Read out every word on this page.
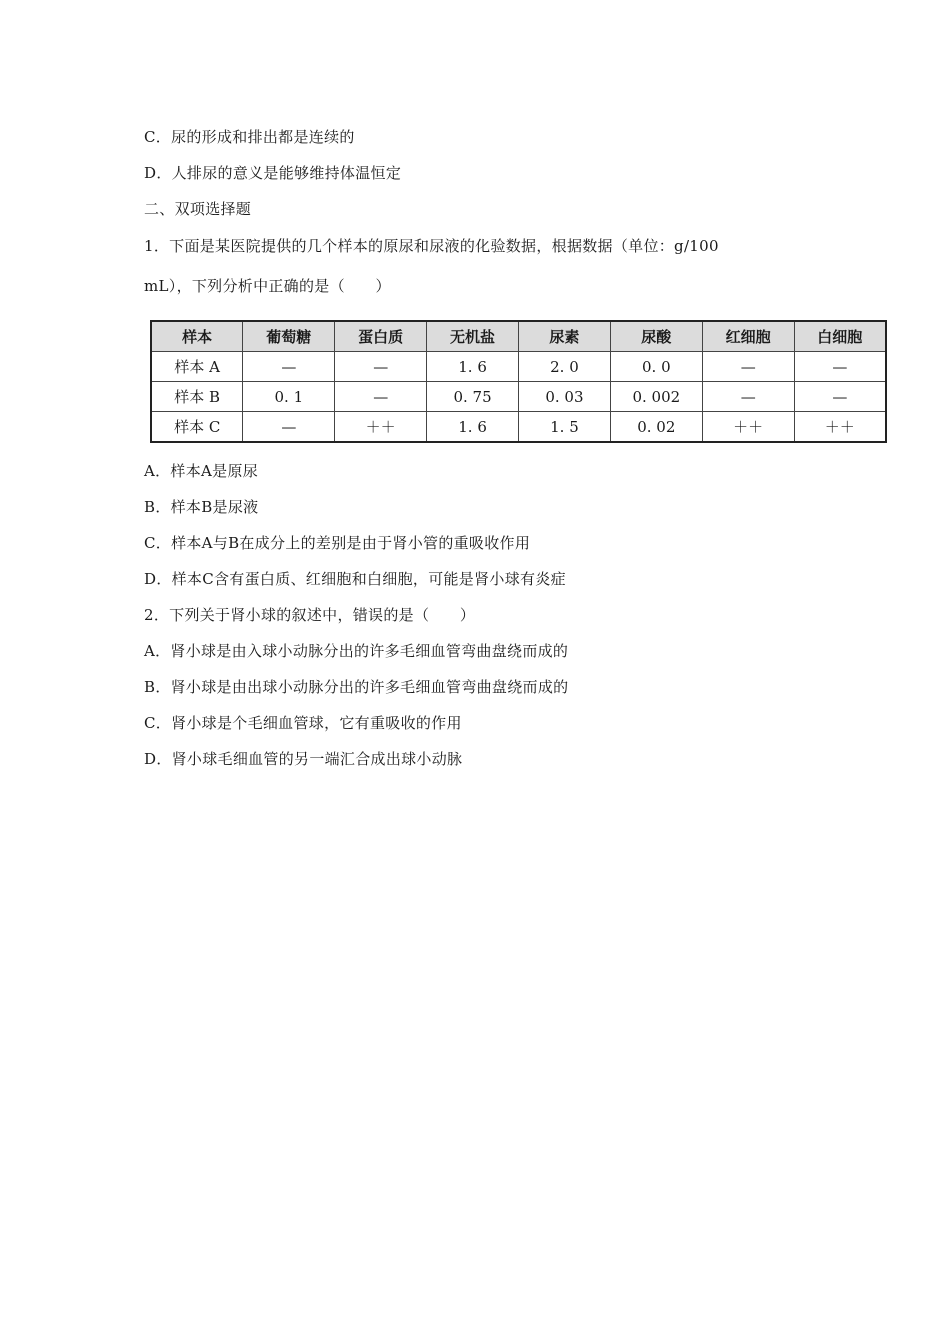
C．尿的形成和排出都是连续的
D．人排尿的意义是能够维持体温恒定
二、双项选择题
1．下面是某医院提供的几个样本的原尿和尿液的化验数据，根据数据（单位：g/100
mL），下列分析中正确的是（　　）
样本	葡萄糖	蛋白质	无机盐	尿素	尿酸	红细胞	白细胞
样本 A	—	—	1. 6	2. 0	0. 0	—	—
样本 B	0. 1	—	0. 75	0. 03	0. 002	—	—
样本 C	—	＋＋	1. 6	1. 5	0. 02	＋＋	＋＋
A．样本A是原尿
B．样本B是尿液
C．样本A与B在成分上的差别是由于肾小管的重吸收作用
D．样本C含有蛋白质、红细胞和白细胞，可能是肾小球有炎症
2．下列关于肾小球的叙述中，错误的是（　　）
A．肾小球是由入球小动脉分出的许多毛细血管弯曲盘绕而成的
B．肾小球是由出球小动脉分出的许多毛细血管弯曲盘绕而成的
C．肾小球是个毛细血管球，它有重吸收的作用
D．肾小球毛细血管的另一端汇合成出球小动脉
